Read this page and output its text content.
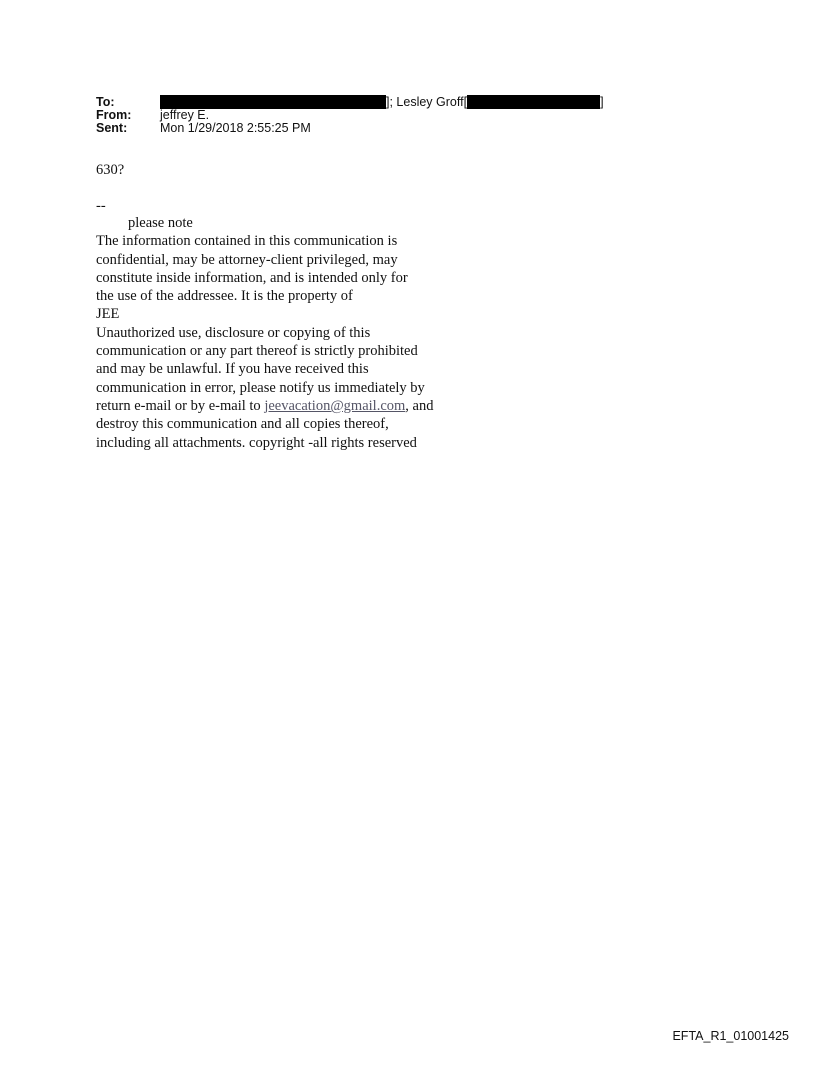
To:	]; Lesley Groff[	]
From:	jeffrey E.
Sent:	Mon 1/29/2018 2:55:25 PM
630?
--
please note
The information contained in this communication is
confidential, may be attorney-client privileged, may
constitute inside information, and is intended only for
the use of the addressee. It is the property of
JEE
Unauthorized use, disclosure or copying of this
communication or any part thereof is strictly prohibited
and may be unlawful. If you have received this
communication in error, please notify us immediately by
return e-mail or by e-mail to jeevacation@gmail.com, and
destroy this communication and all copies thereof,
including all attachments. copyright -all rights reserved
EFTA_R1_01001425
